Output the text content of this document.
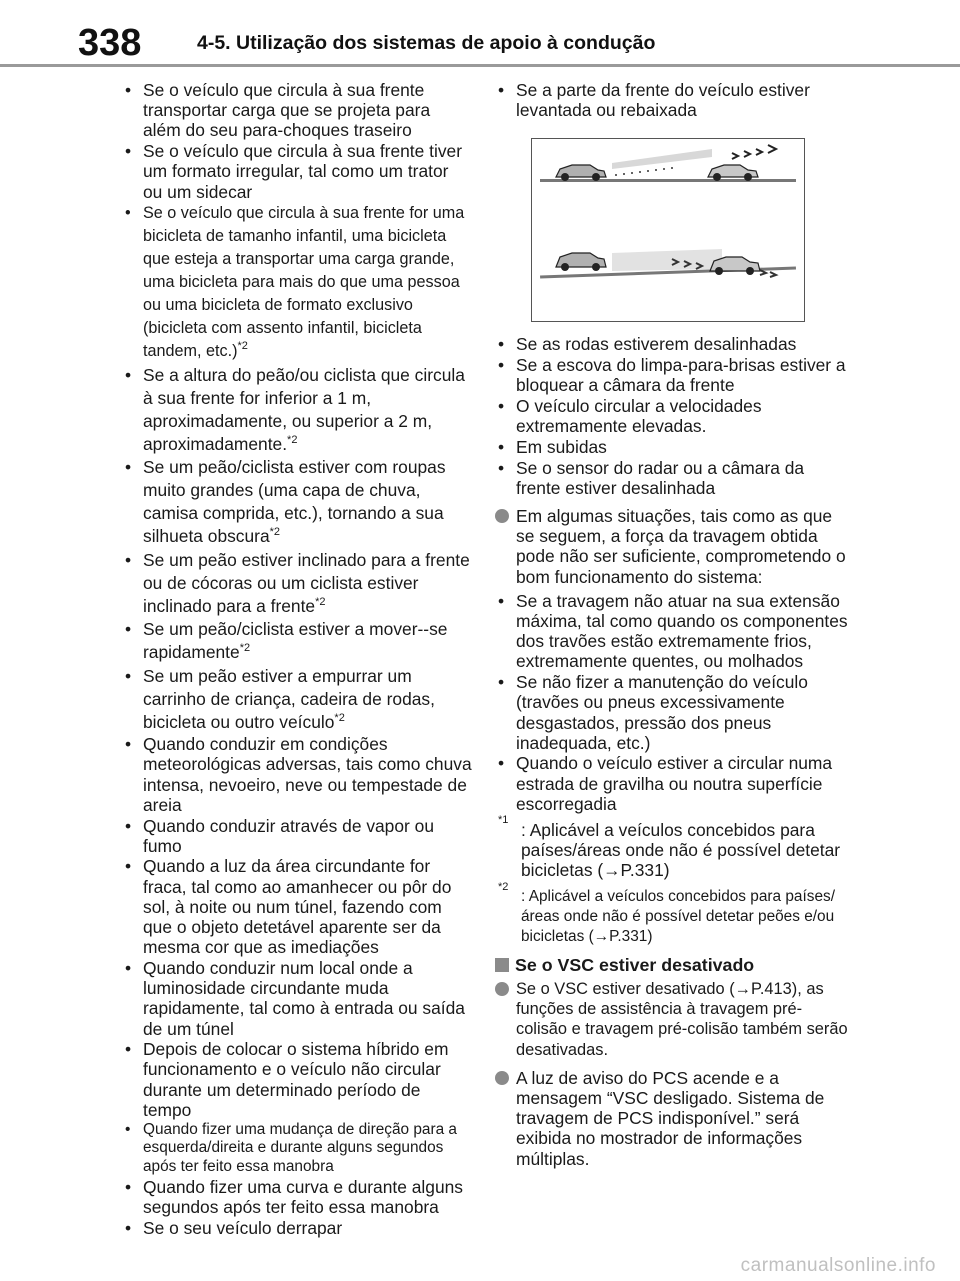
338	4-5. Utilização dos sistemas de apoio à condução
• Se o veículo que circula à sua frente transportar carga que se projeta para além do seu para-choques traseiro
• Se o veículo que circula à sua frente tiver um formato irregular, tal como um trator ou um sidecar
• Se o veículo que circula à sua frente for uma bicicleta de tamanho infantil, uma bicicleta que esteja a transportar uma carga grande, uma bicicleta para mais do que uma pessoa ou uma bicicleta de formato exclusivo (bicicleta com assento infantil, bicicleta tandem, etc.)$^{*2}$
• Se a altura do peão/ou ciclista que circula à sua frente for inferior a 1 m, aproximadamente, ou superior a 2 m, aproximadamente.$^{*2}$
• Se um peão/ciclista estiver com roupas muito grandes (uma capa de chuva, camisa comprida, etc.), tornando a sua silhueta obscura$^{*2}$
• Se um peão estiver inclinado para a frente ou de cócoras ou um ciclista estiver inclinado para a frente$^{*2}$
• Se um peão/ciclista estiver a mover--se rapidamente$^{*2}$
• Se um peão estiver a empurrar um carrinho de criança, cadeira de rodas, bicicleta ou outro veículo$^{*2}$
• Quando conduzir em condições meteorológicas adversas, tais como chuva intensa, nevoeiro, neve ou tempestade de areia
• Quando conduzir através de vapor ou fumo
• Quando a luz da área circundante for fraca, tal como ao amanhecer ou pôr do sol, à noite ou num túnel, fazendo com que o objeto detetável aparente ser da mesma cor que as imediações
• Quando conduzir num local onde a luminosidade circundante muda rapidamente, tal como à entrada ou saída de um túnel
• Depois de colocar o sistema híbrido em funcionamento e o veículo não circular durante um determinado período de tempo
• Quando fizer uma mudança de direção para a esquerda/direita e durante alguns segundos após ter feito essa manobra
• Quando fizer uma curva e durante alguns segundos após ter feito essa manobra
• Se o seu veículo derrapar
• Se a parte da frente do veículo estiver levantada ou rebaixada
• Se as rodas estiverem desalinhadas
• Se a escova do limpa-para-brisas estiver a bloquear a câmara da frente
• O veículo circular a velocidades extremamente elevadas.
• Em subidas
• Se o sensor do radar ou a câmara da frente estiver desalinhada
Em algumas situações, tais como as que se seguem, a força da travagem obtida pode não ser suficiente, comprometendo o bom funcionamento do sistema:
• Se a travagem não atuar na sua extensão máxima, tal como quando os componentes dos travões estão extremamente frios, extremamente quentes, ou molhados
• Se não fizer a manutenção do veículo (travões ou pneus excessivamente desgastados, pressão dos pneus inadequada, etc.)
• Quando o veículo estiver a circular numa estrada de gravilha ou noutra superfície escorregadia
*1 : Aplicável a veículos concebidos para países/áreas onde não é possível detetar bicicletas (→P.331)
*2
: Aplicável a veículos concebidos para países/áreas onde não é possível detetar peões e/ou bicicletas (→P.331)
Se o VSC estiver desativado
Se o VSC estiver desativado (→P.413), as funções de assistência à travagem pré-colisão e travagem pré-colisão também serão desativadas.
A luz de aviso do PCS acende e a mensagem “VSC desligado. Sistema de travagem de PCS indisponível.” será exibida no mostrador de informações múltiplas.
carmanualsonline.info
